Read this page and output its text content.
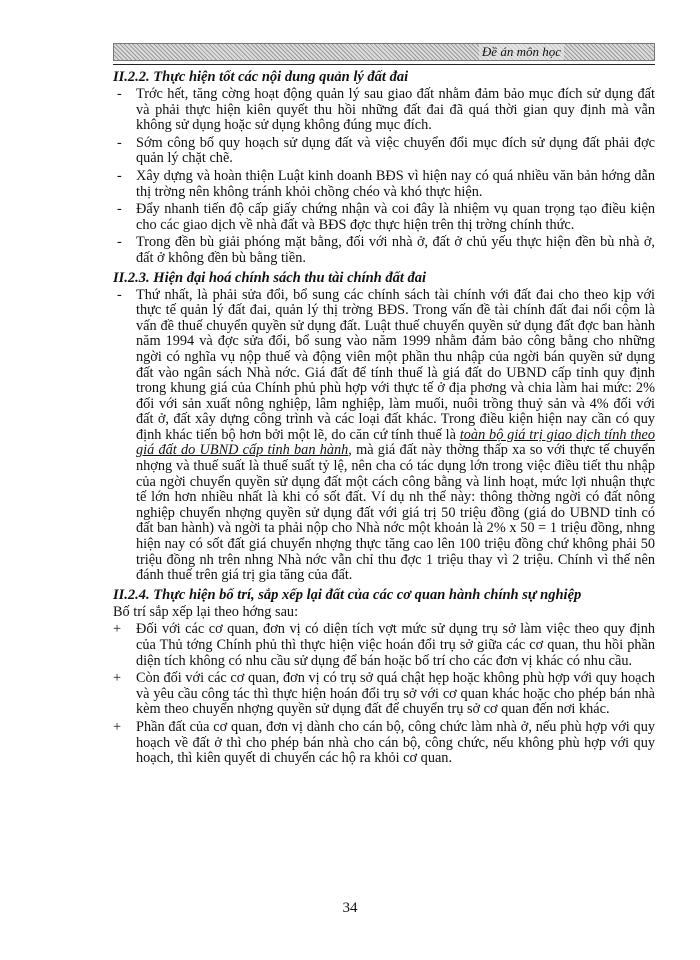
Đề án môn học
II.2.2. Thực hiện tốt các nội dung quản lý đất đai
- Trớc hết, tăng cờng hoạt động quản lý sau giao đất nhằm đảm bảo mục đích sử dụng đất và phải thực hiện kiên quyết thu hồi những đất đai đã quá thời gian quy định mà vẫn không sử dụng hoặc sử dụng không đúng mục đích.
- Sớm công bố quy hoạch sử dụng đất và việc chuyển đổi mục đích sử dụng đất phải đợc quản lý chặt chẽ.
- Xây dựng và hoàn thiện Luật kinh doanh BĐS vì hiện nay có quá nhiều văn bản hớng dẫn thị trờng nên không tránh khỏi chồng chéo và khó thực hiện.
- Đẩy nhanh tiến độ cấp giấy chứng nhận và coi đây là nhiệm vụ quan trọng tạo điều kiện cho các giao dịch về nhà đất và BĐS đợc thực hiện trên thị trờng chính thức.
- Trong đền bù giải phóng mặt bằng, đối với nhà ở, đất ở chủ yếu thực hiện đền bù nhà ở, đất ở không đền bù bằng tiền.
II.2.3. Hiện đại hoá chính sách thu tài chính đất đai
- Thứ nhất, là phải sửa đổi, bổ sung các chính sách tài chính với đất đai cho theo kịp với thực tế quản lý đất đai, quản lý thị trờng BĐS. Trong vấn đề tài chính đất đai nổi cộm là vấn đề thuế chuyển quyền sử dụng đất. Luật thuế chuyển quyền sử dụng đất đợc ban hành năm 1994 và đợc sửa đổi, bổ sung vào năm 1999 nhằm đảm bảo công bằng cho những ngời có nghĩa vụ nộp thuế và động viên một phần thu nhập của ngời bán quyền sử dụng đất vào ngân sách Nhà nớc. Giá đất để tính thuế là giá đất do UBND cấp tỉnh quy định trong khung giá của Chính phủ phù hợp với thực tế ở địa phơng và chia làm hai mức: 2% đối với sản xuất nông nghiệp, lâm nghiệp, làm muối, nuôi trồng thuỷ sản và 4% đối với đất ở, đất xây dựng công trình và các loại đất khác. Trong điều kiện hiện nay cần có quy định khác tiến bộ hơn bởi một lẽ, do căn cứ tính thuế là toàn bộ giá trị giao dịch tính theo giá đất do UBND cấp tỉnh ban hành, mà giá đất này thờng thấp xa so với thực tế chuyển nhợng và thuế suất là thuế suất tỷ lệ, nên cha có tác dụng lớn trong việc điều tiết thu nhập của ngời chuyển quyền sử dụng đất một cách công bằng và linh hoạt, mức lợi nhuận thực tế lớn hơn nhiều nhất là khi có sốt đất. Ví dụ nh thế này: thông thờng ngời có đất nông nghiệp chuyển nhợng quyền sử dụng đất với giá trị 50 triệu đồng (giá do UBND tỉnh có đất ban hành) và ngời ta phải nộp cho Nhà nớc một khoản là 2% x 50 = 1 triệu đồng, nhng hiện nay có sốt đất giá chuyển nhợng thực tăng cao lên 100 triệu đồng chứ không phải 50 triệu đồng nh trên nhng Nhà nớc vẫn chỉ thu đợc 1 triệu thay vì 2 triệu. Chính vì thế nên đánh thuế trên giá trị gia tăng của đất.
II.2.4. Thực hiện bố trí, sắp xếp lại đất của các cơ quan hành chính sự nghiệp
Bố trí sắp xếp lại theo hớng sau:
+ Đối với các cơ quan, đơn vị có diện tích vợt mức sử dụng trụ sở làm việc theo quy định của Thủ tớng Chính phủ thì thực hiện việc hoán đổi trụ sở giữa các cơ quan, thu hồi phần diện tích không có nhu cầu sử dụng để bán hoặc bố trí cho các đơn vị khác có nhu cầu.
+ Còn đối với các cơ quan, đơn vị có trụ sở quá chật hẹp hoặc không phù hợp với quy hoạch và yêu cầu công tác thì thực hiện hoán đổi trụ sở với cơ quan khác hoặc cho phép bán nhà kèm theo chuyển nhợng quyền sử dụng đất để chuyển trụ sở cơ quan đến nơi khác.
+ Phần đất của cơ quan, đơn vị dành cho cán bộ, công chức làm nhà ở, nếu phù hợp với quy hoạch về đất ở thì cho phép bán nhà cho cán bộ, công chức, nếu không phù hợp với quy hoạch, thì kiên quyết di chuyển các hộ ra khỏi cơ quan.
34
